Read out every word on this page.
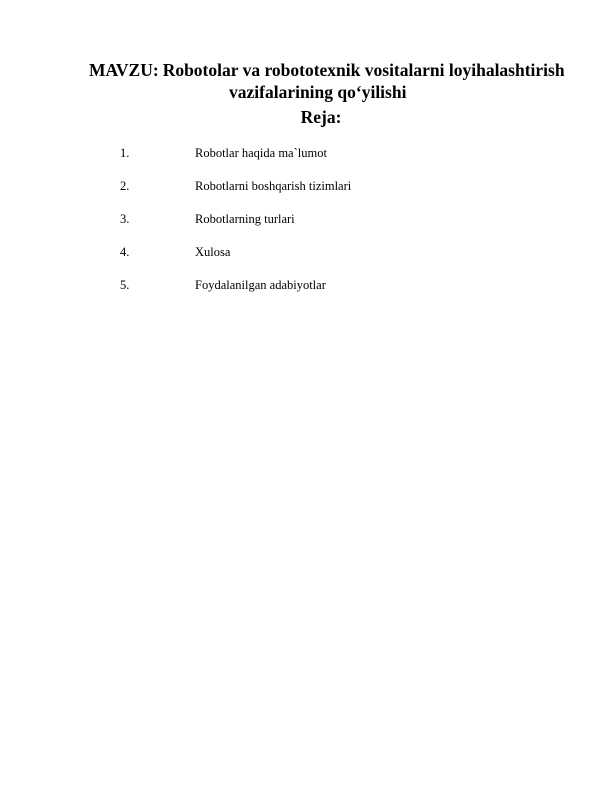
MAVZU: Robotolar va robototexnik vositalarni loyihalashtirish
vazifalarining qo‘yilishi
Reja:
1.	Robotlar haqida ma`lumot
2.	Robotlarni boshqarish tizimlari
3.	Robotlarning turlari
4.	Xulosa
5.	Foydalanilgan adabiyotlar
